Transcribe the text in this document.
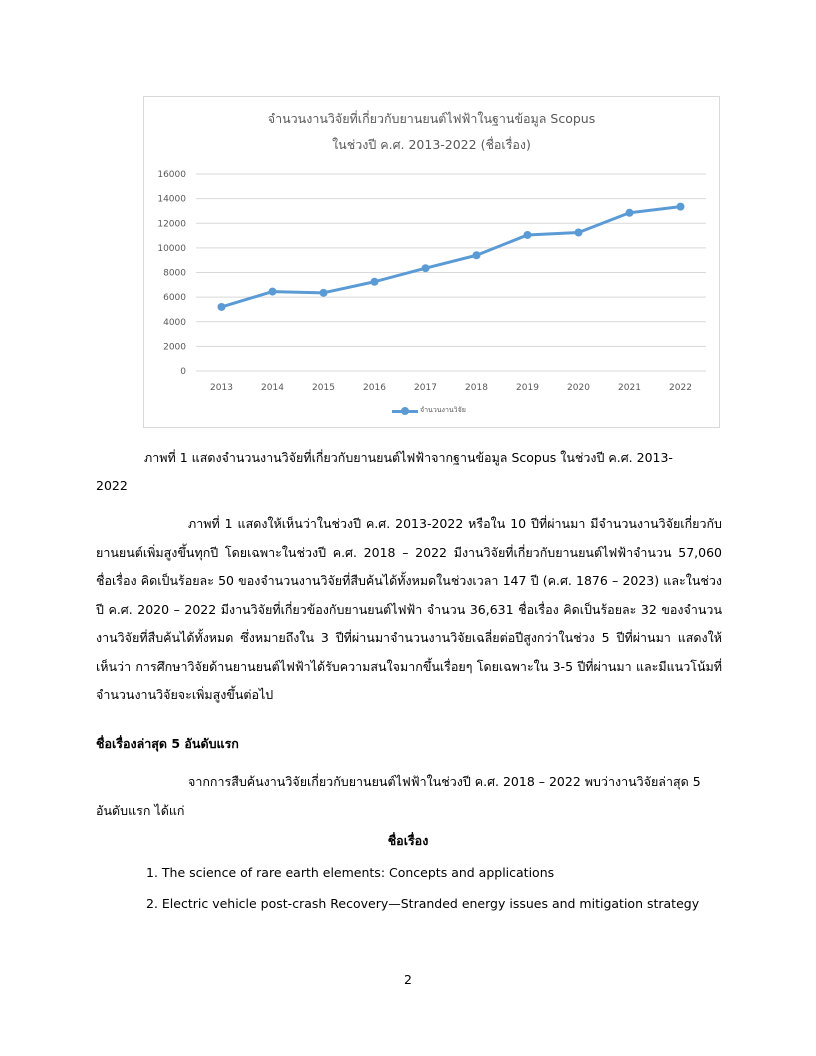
จำนวนงานวิจัยที่เกี่ยวกับยานยนต์ไฟฟ้าในฐานข้อมูล Scopus

ในช่วงปี ค.ศ. 2013-2022 (ชื่อเรื่อง)

0
2000
4000
6000
8000
10000
12000
14000
16000
2013	2014	2015	2016	2017	2018	2019	2020	2021	2022
จำนวนงานวิจัย

ภาพที่ 1 แสดงจำนวนงานวิจัยที่เกี่ยวกับยานยนต์ไฟฟ้าจากฐานข้อมูล Scopus ในช่วงปี ค.ศ. 2013-

2022

ภาพที่ 1 แสดงให้เห็นว่าในช่วงปี ค.ศ. 2013-2022 หรือใน 10 ปีที่ผ่านมา มีจำนวนงานวิจัยเกี่ยวกับยานยนต์เพิ่มสูงขึ้นทุกปี โดยเฉพาะในช่วงปี ค.ศ. 2018 – 2022 มีงานวิจัยที่เกี่ยวกับยานยนต์ไฟฟ้าจำนวน 57,060 ชื่อเรื่อง คิดเป็นร้อยละ 50 ของจำนวนงานวิจัยที่สืบค้นได้ทั้งหมดในช่วงเวลา 147 ปี (ค.ศ. 1876 – 2023) และในช่วงปี ค.ศ. 2020 – 2022 มีงานวิจัยที่เกี่ยวข้องกับยานยนต์ไฟฟ้า จำนวน 36,631 ชื่อเรื่อง คิดเป็นร้อยละ 32 ของจำนวนงานวิจัยที่สืบค้นได้ทั้งหมด ซึ่งหมายถึงใน 3 ปีที่ผ่านมาจำนวนงานวิจัยเฉลี่ยต่อปีสูงกว่าในช่วง 5 ปีที่ผ่านมา แสดงให้เห็นว่า การศึกษาวิจัยด้านยานยนต์ไฟฟ้าได้รับความสนใจมากขึ้นเรื่อยๆ โดยเฉพาะใน 3-5 ปีที่ผ่านมา และมีแนวโน้มที่จำนวนงานวิจัยจะเพิ่มสูงขึ้นต่อไป

ชื่อเรื่องล่าสุด 5 อันดับแรก

จากการสืบค้นงานวิจัยเกี่ยวกับยานยนต์ไฟฟ้าในช่วงปี ค.ศ. 2018 – 2022 พบว่างานวิจัยล่าสุด 5 อันดับแรก ได้แก่

ชื่อเรื่อง

1. The science of rare earth elements: Concepts and applications
2. Electric vehicle post-crash Recovery—Stranded energy issues and mitigation strategy
2
